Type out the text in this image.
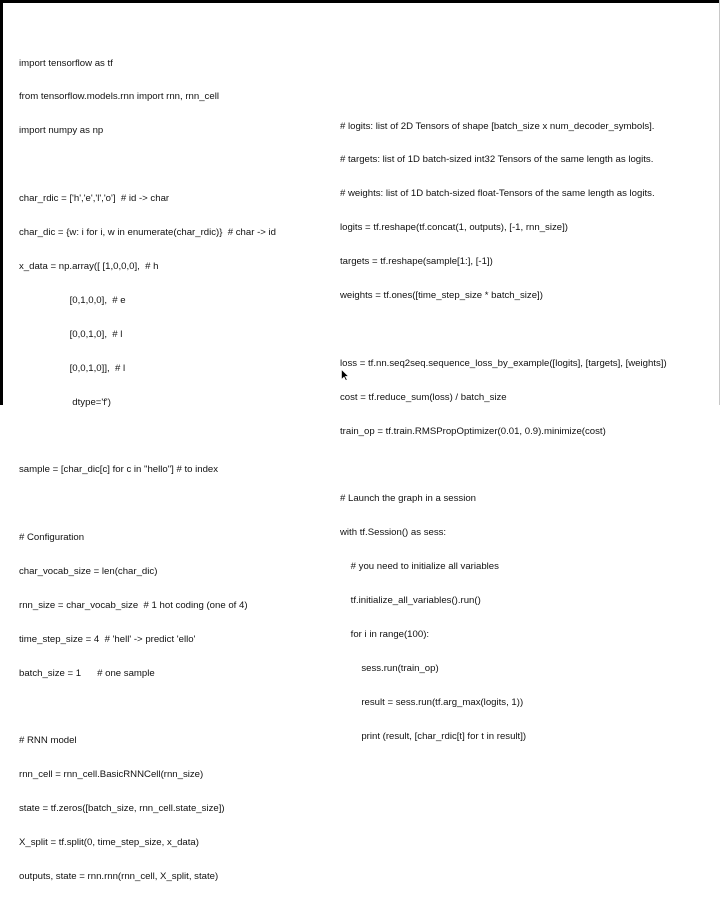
import tensorflow as tf

from tensorflow.models.rnn import rnn, rnn_cell

import numpy as np

char_rdic = ['h','e','l','o']  # id -> char

char_dic = {w: i for i, w in enumerate(char_rdic)}  # char -> id

x_data = np.array([ [1,0,0,0],  # h

[0,1,0,0],  # e

[0,0,1,0],  # l

[0,0,1,0]],  # l

dtype='f')

sample = [char_dic[c] for c in "hello"] # to index

# Configuration

char_vocab_size = len(char_dic)

rnn_size = char_vocab_size  # 1 hot coding (one of 4)

time_step_size = 4  # 'hell' -> predict 'ello'

batch_size = 1      # one sample

# RNN model

rnn_cell = rnn_cell.BasicRNNCell(rnn_size)

state = tf.zeros([batch_size, rnn_cell.state_size])

X_split = tf.split(0, time_step_size, x_data)

outputs, state = rnn.rnn(rnn_cell, X_split, state)

# logits: list of 2D Tensors of shape [batch_size x num_decoder_symbols].

# targets: list of 1D batch-sized int32 Tensors of the same length as logits.

# weights: list of 1D batch-sized float-Tensors of the same length as logits.

logits = tf.reshape(tf.concat(1, outputs), [-1, rnn_size])

targets = tf.reshape(sample[1:], [-1])

weights = tf.ones([time_step_size * batch_size])

loss = tf.nn.seq2seq.sequence_loss_by_example([logits], [targets], [weights])

cost = tf.reduce_sum(loss) / batch_size

train_op = tf.train.RMSPropOptimizer(0.01, 0.9).minimize(cost)

# Launch the graph in a session

with tf.Session() as sess:

# you need to initialize all variables

tf.initialize_all_variables().run()

for i in range(100):

sess.run(train_op)

result = sess.run(tf.arg_max(logits, 1))

print (result, [char_rdic[t] for t in result])
